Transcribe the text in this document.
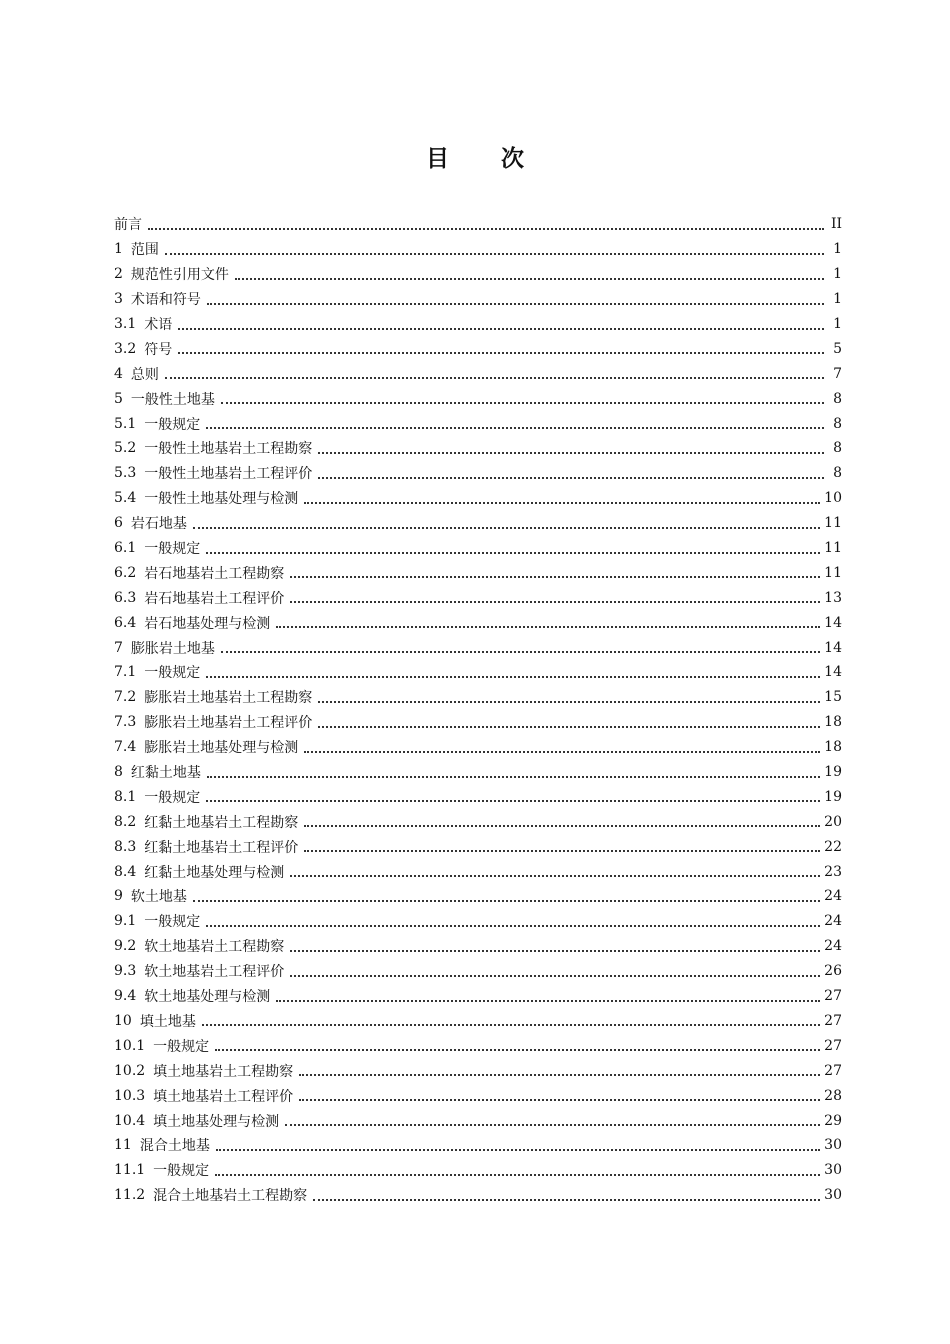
目 次
前言	II
1 范围	1
2 规范性引用文件	1
3 术语和符号	1
3.1 术语	1
3.2 符号	5
4 总则	7
5 一般性土地基	8
5.1 一般规定	8
5.2 一般性土地基岩土工程勘察	8
5.3 一般性土地基岩土工程评价	8
5.4 一般性土地基处理与检测	10
6 岩石地基	11
6.1 一般规定	11
6.2 岩石地基岩土工程勘察	11
6.3 岩石地基岩土工程评价	13
6.4 岩石地基处理与检测	14
7 膨胀岩土地基	14
7.1 一般规定	14
7.2 膨胀岩土地基岩土工程勘察	15
7.3 膨胀岩土地基岩土工程评价	18
7.4 膨胀岩土地基处理与检测	18
8 红黏土地基	19
8.1 一般规定	19
8.2 红黏土地基岩土工程勘察	20
8.3 红黏土地基岩土工程评价	22
8.4 红黏土地基处理与检测	23
9 软土地基	24
9.1 一般规定	24
9.2 软土地基岩土工程勘察	24
9.3 软土地基岩土工程评价	26
9.4 软土地基处理与检测	27
10 填土地基	27
10.1 一般规定	27
10.2 填土地基岩土工程勘察	27
10.3 填土地基岩土工程评价	28
10.4 填土地基处理与检测	29
11 混合土地基	30
11.1 一般规定	30
11.2 混合土地基岩土工程勘察	30
